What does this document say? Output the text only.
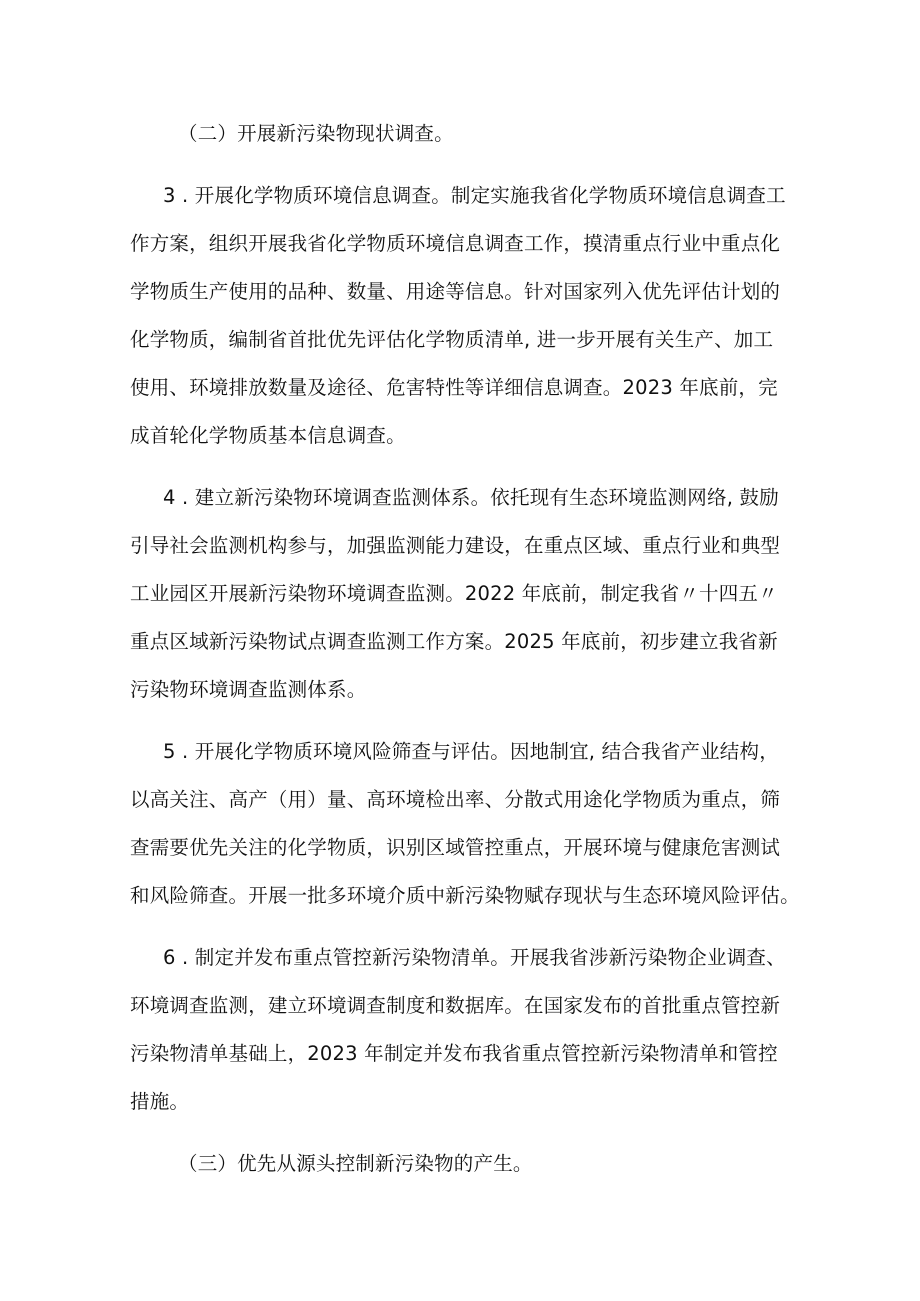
（二）开展新污染物现状调查。
3 . 开展化学物质环境信息调查。制定实施我省化学物质环境信息调查工
作方案，组织开展我省化学物质环境信息调查工作，摸清重点行业中重点化
学物质生产使用的品种、数量、用途等信息。针对国家列入优先评估计划的
化学物质，编制省首批优先评估化学物质清单, 进一步开展有关生产、加工
使用、环境排放数量及途径、危害特性等详细信息调查。2023 年底前，完
成首轮化学物质基本信息调查。
4 . 建立新污染物环境调查监测体系。依托现有生态环境监测网络, 鼓励
引导社会监测机构参与，加强监测能力建设，在重点区域、重点行业和典型
工业园区开展新污染物环境调查监测。2022 年底前，制定我省〃十四五〃
重点区域新污染物试点调查监测工作方案。2025 年底前，初步建立我省新
污染物环境调查监测体系。
5 . 开展化学物质环境风险筛查与评估。因地制宜, 结合我省产业结构，
以高关注、高产（用）量、高环境检出率、分散式用途化学物质为重点，筛
查需要优先关注的化学物质，识别区域管控重点，开展环境与健康危害测试
和风险筛查。开展一批多环境介质中新污染物赋存现状与生态环境风险评估。
6 . 制定并发布重点管控新污染物清单。开展我省涉新污染物企业调查、
环境调查监测，建立环境调查制度和数据库。在国家发布的首批重点管控新
污染物清单基础上，2023 年制定并发布我省重点管控新污染物清单和管控
措施。
（三）优先从源头控制新污染物的产生。
